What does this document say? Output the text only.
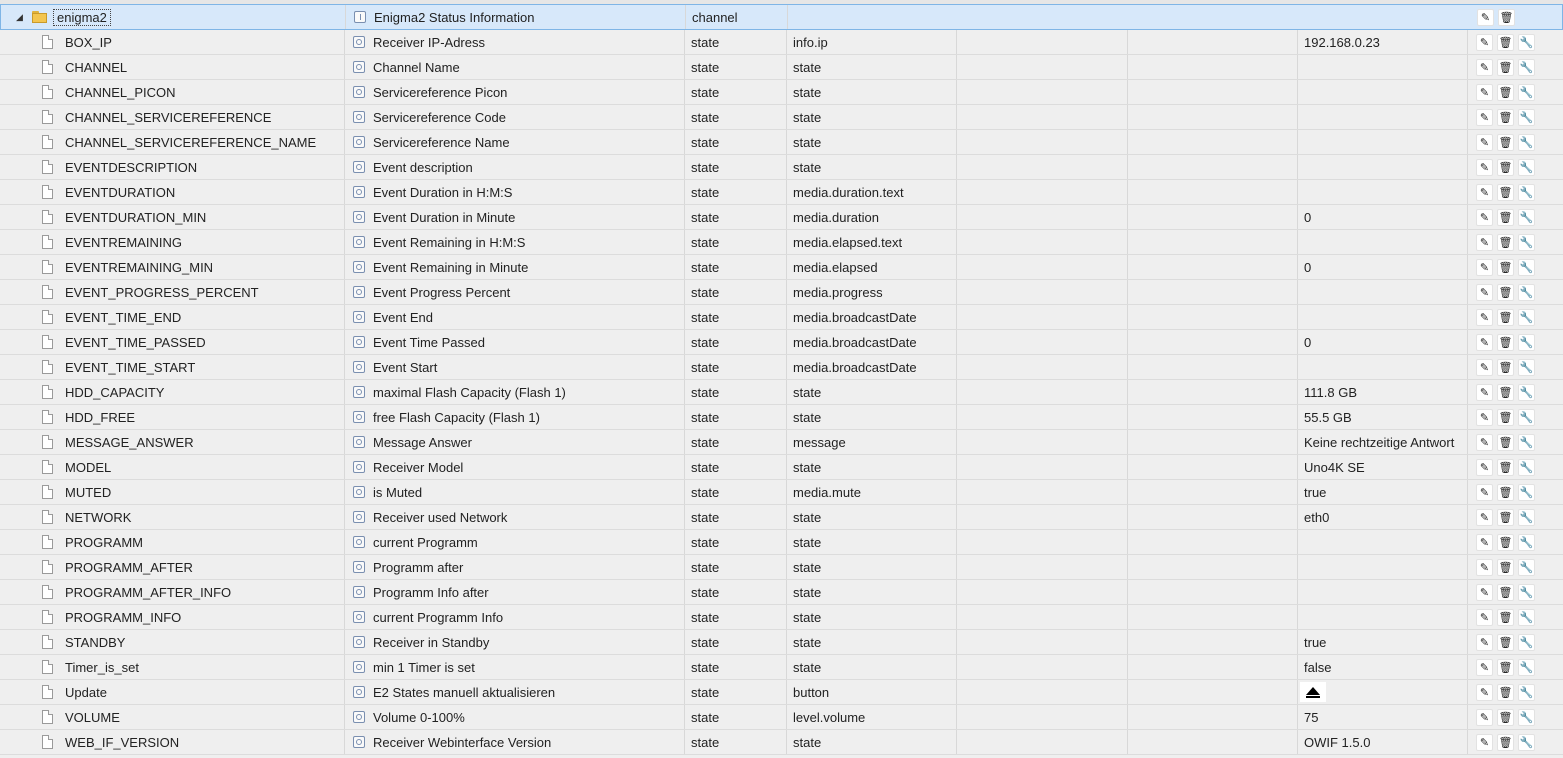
◢	enigma2	Enigma2 Status Information	channel	✎ 🗑
BOX_IP	Receiver IP-Adress	state	info.ip	192.168.0.23	✎ 🗑 🔧
CHANNEL	Channel Name	state	state	✎ 🗑 🔧
CHANNEL_PICON	Servicereference Picon	state	state	✎ 🗑 🔧
CHANNEL_SERVICEREFERENCE	Servicereference Code	state	state	✎ 🗑 🔧
CHANNEL_SERVICEREFERENCE_NAME	Servicereference Name	state	state	✎ 🗑 🔧
EVENTDESCRIPTION	Event description	state	state	✎ 🗑 🔧
EVENTDURATION	Event Duration in H:M:S	state	media.duration.text	✎ 🗑 🔧
EVENTDURATION_MIN	Event Duration in Minute	state	media.duration	0	✎ 🗑 🔧
EVENTREMAINING	Event Remaining in H:M:S	state	media.elapsed.text	✎ 🗑 🔧
EVENTREMAINING_MIN	Event Remaining in Minute	state	media.elapsed	0	✎ 🗑 🔧
EVENT_PROGRESS_PERCENT	Event Progress Percent	state	media.progress	✎ 🗑 🔧
EVENT_TIME_END	Event End	state	media.broadcastDate	✎ 🗑 🔧
EVENT_TIME_PASSED	Event Time Passed	state	media.broadcastDate	0	✎ 🗑 🔧
EVENT_TIME_START	Event Start	state	media.broadcastDate	✎ 🗑 🔧
HDD_CAPACITY	maximal Flash Capacity (Flash 1)	state	state	111.8 GB	✎ 🗑 🔧
HDD_FREE	free Flash Capacity (Flash 1)	state	state	55.5 GB	✎ 🗑 🔧
MESSAGE_ANSWER	Message Answer	state	message	Keine rechtzeitige Antwort	✎ 🗑 🔧
MODEL	Receiver Model	state	state	Uno4K SE	✎ 🗑 🔧
MUTED	is Muted	state	media.mute	true	✎ 🗑 🔧
NETWORK	Receiver used Network	state	state	eth0	✎ 🗑 🔧
PROGRAMM	current Programm	state	state	✎ 🗑 🔧
PROGRAMM_AFTER	Programm after	state	state	✎ 🗑 🔧
PROGRAMM_AFTER_INFO	Programm Info after	state	state	✎ 🗑 🔧
PROGRAMM_INFO	current Programm Info	state	state	✎ 🗑 🔧
STANDBY	Receiver in Standby	state	state	true	✎ 🗑 🔧
Timer_is_set	min 1 Timer is set	state	state	false	✎ 🗑 🔧
Update	E2 States manuell aktualisieren	state	button	✎ 🗑 🔧
VOLUME	Volume 0-100%	state	level.volume	75	✎ 🗑 🔧
WEB_IF_VERSION	Receiver Webinterface Version	state	state	OWIF 1.5.0	✎ 🗑 🔧
